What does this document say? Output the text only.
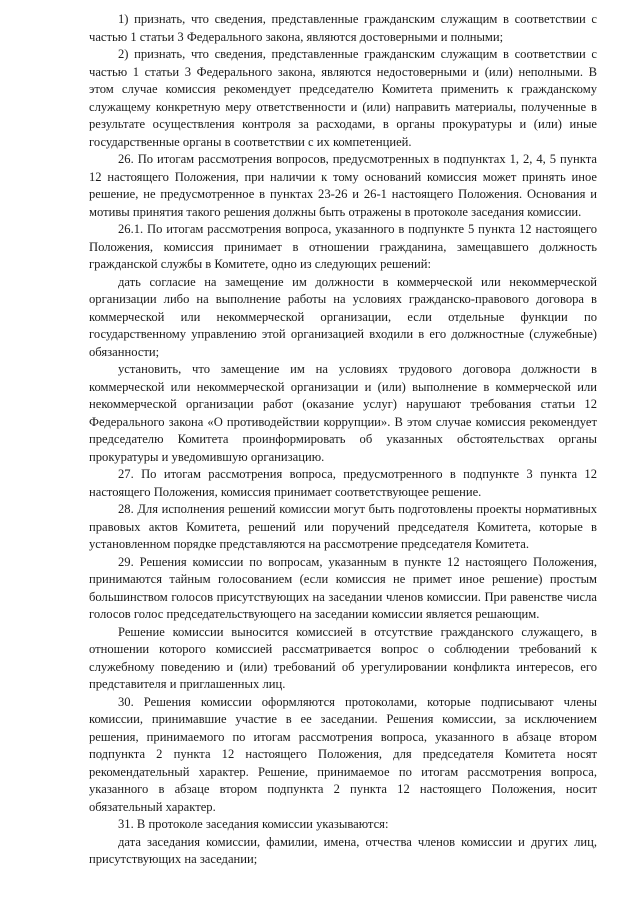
1) признать, что сведения, представленные гражданским служащим в соответствии с частью 1 статьи 3 Федерального закона, являются достоверными и полными;

2) признать, что сведения, представленные гражданским служащим в соответствии с частью 1 статьи 3 Федерального закона, являются недостоверными и (или) неполными. В этом случае комиссия рекомендует председателю Комитета применить к гражданскому служащему конкретную меру ответственности и (или) направить материалы, полученные в результате осуществления контроля за расходами, в органы прокуратуры и (или) иные государственные органы в соответствии с их компетенцией.

26. По итогам рассмотрения вопросов, предусмотренных в подпунктах 1, 2, 4, 5 пункта 12 настоящего Положения, при наличии к тому оснований комиссия может принять иное решение, не предусмотренное в пунктах 23-26 и 26-1 настоящего Положения. Основания и мотивы принятия такого решения должны быть отражены в протоколе заседания комиссии.

26.1. По итогам рассмотрения вопроса, указанного в подпункте 5 пункта 12 настоящего Положения, комиссия принимает в отношении гражданина, замещавшего должность гражданской службы в Комитете, одно из следующих решений:

дать согласие на замещение им должности в коммерческой или некоммерческой организации либо на выполнение работы на условиях гражданско-правового договора в коммерческой или некоммерческой организации, если отдельные функции по государственному управлению этой организацией входили в его должностные (служебные) обязанности;

установить, что замещение им на условиях трудового договора должности в коммерческой или некоммерческой организации и (или) выполнение в коммерческой или некоммерческой организации работ (оказание услуг) нарушают требования статьи 12 Федерального закона «О противодействии коррупции». В этом случае комиссия рекомендует председателю Комитета проинформировать об указанных обстоятельствах органы прокуратуры и уведомившую организацию.

27. По итогам рассмотрения вопроса, предусмотренного в подпункте 3 пункта 12 настоящего Положения, комиссия принимает соответствующее решение.

28. Для исполнения решений комиссии могут быть подготовлены проекты нормативных правовых актов Комитета, решений или поручений председателя Комитета, которые в установленном порядке представляются на рассмотрение председателя Комитета.

29. Решения комиссии по вопросам, указанным в пункте 12 настоящего Положения, принимаются тайным голосованием (если комиссия не примет иное решение) простым большинством голосов присутствующих на заседании членов комиссии. При равенстве числа голосов голос председательствующего на заседании комиссии является решающим.

Решение комиссии выносится комиссией в отсутствие гражданского служащего, в отношении которого комиссией рассматривается вопрос о соблюдении требований к служебному поведению и (или) требований об урегулировании конфликта интересов, его представителя и приглашенных лиц.

30. Решения комиссии оформляются протоколами, которые подписывают члены комиссии, принимавшие участие в ее заседании. Решения комиссии, за исключением решения, принимаемого по итогам рассмотрения вопроса, указанного в абзаце втором подпункта 2 пункта 12 настоящего Положения, для председателя Комитета носят рекомендательный характер. Решение, принимаемое по итогам рассмотрения вопроса, указанного в абзаце втором подпункта 2 пункта 12 настоящего Положения, носит обязательный характер.

31. В протоколе заседания комиссии указываются:

дата заседания комиссии, фамилии, имена, отчества членов комиссии и других лиц, присутствующих на заседании;
